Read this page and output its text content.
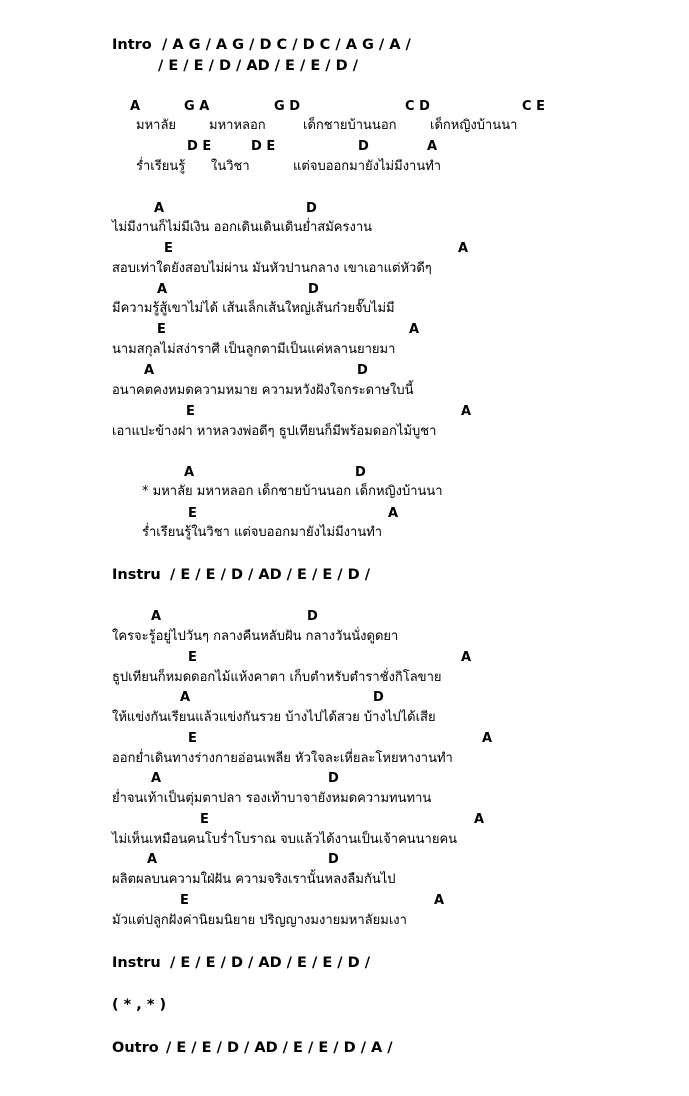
Intro / A G / A G / D C / D C / A G / A /
/ E / E / D / AD / E / E / D /
A	G A	G D	C D	C E
มหาลัย	มหาหลอก	เด็กชายบ้านนอก	เด็กหญิงบ้านนา
D E	D E	D	A
ร่ำเรียนรู้ ในวิชา	แต่จบออกมายังไม่มีงานทำ
A	D
ไม่มีงานก็ไม่มีเงิน ออกเดินเดินเดินย่ำสมัครงาน
E	A
สอบเท่าใดยังสอบไม่ผ่าน มันหัวปานกลาง เขาเอาแต่หัวดีๆ
A	D
มีความรู้สู้เขาไม่ได้ เส้นเล็กเส้นใหญ่เส้นก๋วยจั๊บไม่มี
E	A
นามสกุลไม่สง่าราศี เป็นลูกตามีเป็นแค่หลานยายมา
A	D
อนาคตคงหมดความหมาย ความหวังฝังใจกระดาษใบนี้
E	A
เอาแปะข้างฝา หาหลวงพ่อดีๆ ธูปเทียนก็มีพร้อมดอกไม้บูชา
A	D
* มหาลัย มหาหลอก เด็กชายบ้านนอก เด็กหญิงบ้านนา
E	A
ร่ำเรียนรู้ในวิชา แต่จบออกมายังไม่มีงานทำ
Instru / E / E / D / AD / E / E / D /
A	D
ใครจะรู้อยู่ไปวันๆ กลางคืนหลับฝัน กลางวันนั่งดูดยา
E	A
ธูปเทียนก็หมดดอกไม้แห้งคาตา เก็บตำหรับตำราชั่งกิโลขาย
A	D
ให้แข่งกันเรียนแล้วแข่งกันรวย บ้างไปได้สวย บ้างไปได้เสีย
E	A
ออกย่ำเดินทางร่างกายอ่อนเพลีย หัวใจละเหี่ยละโหยหางานทำ
A	D
ย่ำจนเท้าเป็นตุ่มตาปลา รองเท้าบาจายังหมดความทนทาน
E	A
ไม่เห็นเหมือนคนโบร่ำโบราณ จบแล้วได้งานเป็นเจ้าคนนายคน
A	D
ผลิตผลบนความใฝ่ฝัน ความจริงเรานั้นหลงลืมกันไป
E	A
มัวแต่ปลูกฝังค่านิยมนิยาย ปริญญางมงายมหาลัยมเงา
Instru / E / E / D / AD / E / E / D /
( * , * )
Outro / E / E / D / AD / E / E / D / A /
